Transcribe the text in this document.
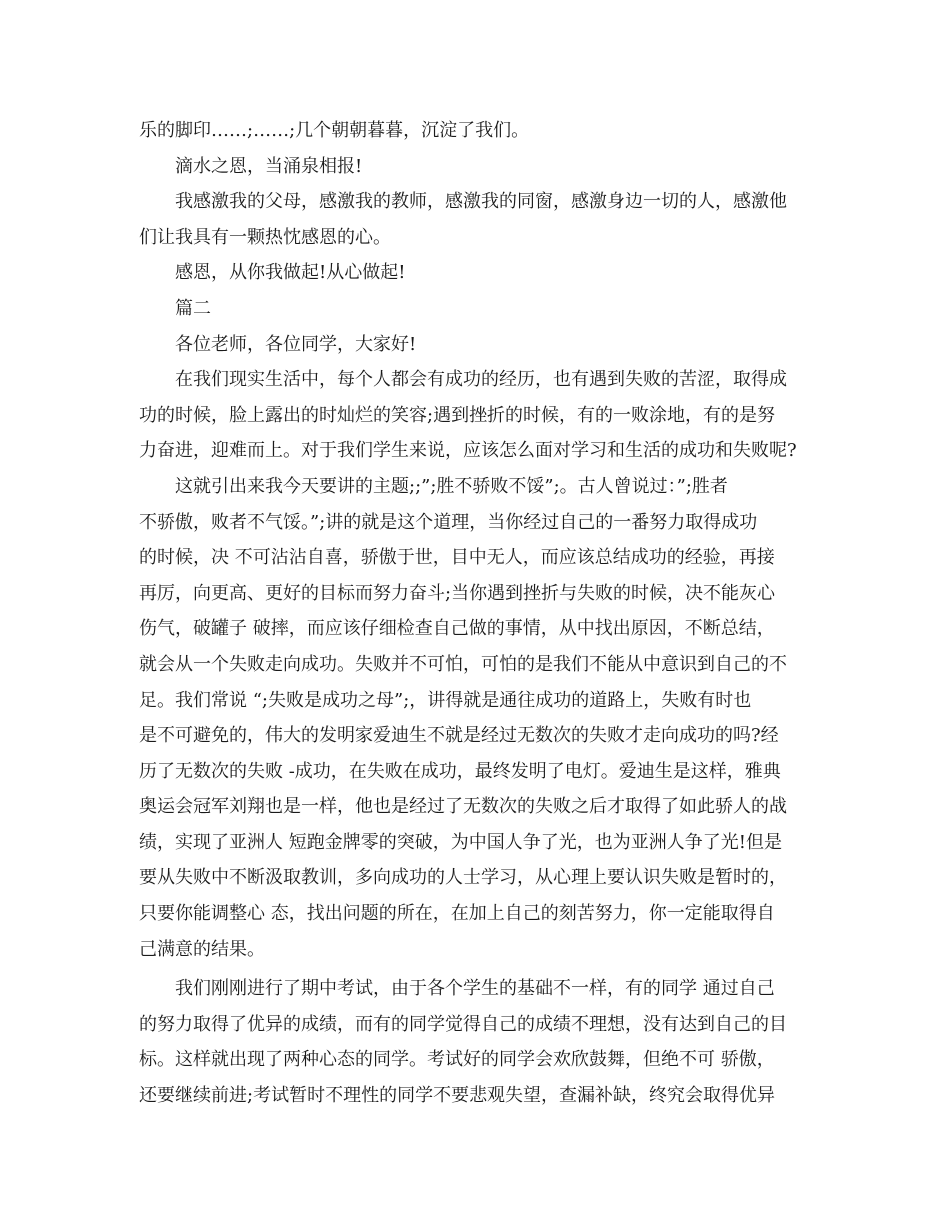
乐的脚印……;……;几个朝朝暮暮，沉淀了我们。
滴水之恩，当涌泉相报!
我感激我的父母，感激我的教师，感激我的同窗，感激身边一切的人，感激他
们让我具有一颗热忱感恩的心。
感恩，从你我做起!从心做起!
篇二
各位老师，各位同学，大家好!
在我们现实生活中，每个人都会有成功的经历，也有遇到失败的苦涩，取得成
功的时候，脸上露出的时灿烂的笑容;遇到挫折的时候，有的一败涂地，有的是努
力奋进，迎难而上。对于我们学生来说，应该怎么面对学习和生活的成功和失败呢?
这就引出来我今天要讲的主题;;”;胜不骄败不馁”;。古人曾说过：”;胜者
不骄傲，败者不气馁。”;讲的就是这个道理，当你经过自己的一番努力取得成功
的时候，决 不可沾沾自喜，骄傲于世，目中无人，而应该总结成功的经验，再接
再厉，向更高、更好的目标而努力奋斗;当你遇到挫折与失败的时候，决不能灰心
伤气，破罐子 破摔，而应该仔细检查自己做的事情，从中找出原因，不断总结，
就会从一个失败走向成功。失败并不可怕，可怕的是我们不能从中意识到自己的不
足。我们常说 “;失败是成功之母”;，讲得就是通往成功的道路上，失败有时也
是不可避免的，伟大的发明家爱迪生不就是经过无数次的失败才走向成功的吗?经
历了无数次的失败 -成功，在失败在成功，最终发明了电灯。爱迪生是这样，雅典
奥运会冠军刘翔也是一样，他也是经过了无数次的失败之后才取得了如此骄人的战
绩，实现了亚洲人 短跑金牌零的突破，为中国人争了光，也为亚洲人争了光!但是
要从失败中不断汲取教训，多向成功的人士学习，从心理上要认识失败是暂时的，
只要你能调整心 态，找出问题的所在，在加上自己的刻苦努力，你一定能取得自
己满意的结果。
我们刚刚进行了期中考试，由于各个学生的基础不一样，有的同学 通过自己
的努力取得了优异的成绩，而有的同学觉得自己的成绩不理想，没有达到自己的目
标。这样就出现了两种心态的同学。考试好的同学会欢欣鼓舞，但绝不可 骄傲，
还要继续前进;考试暂时不理性的同学不要悲观失望，查漏补缺，终究会取得优异
